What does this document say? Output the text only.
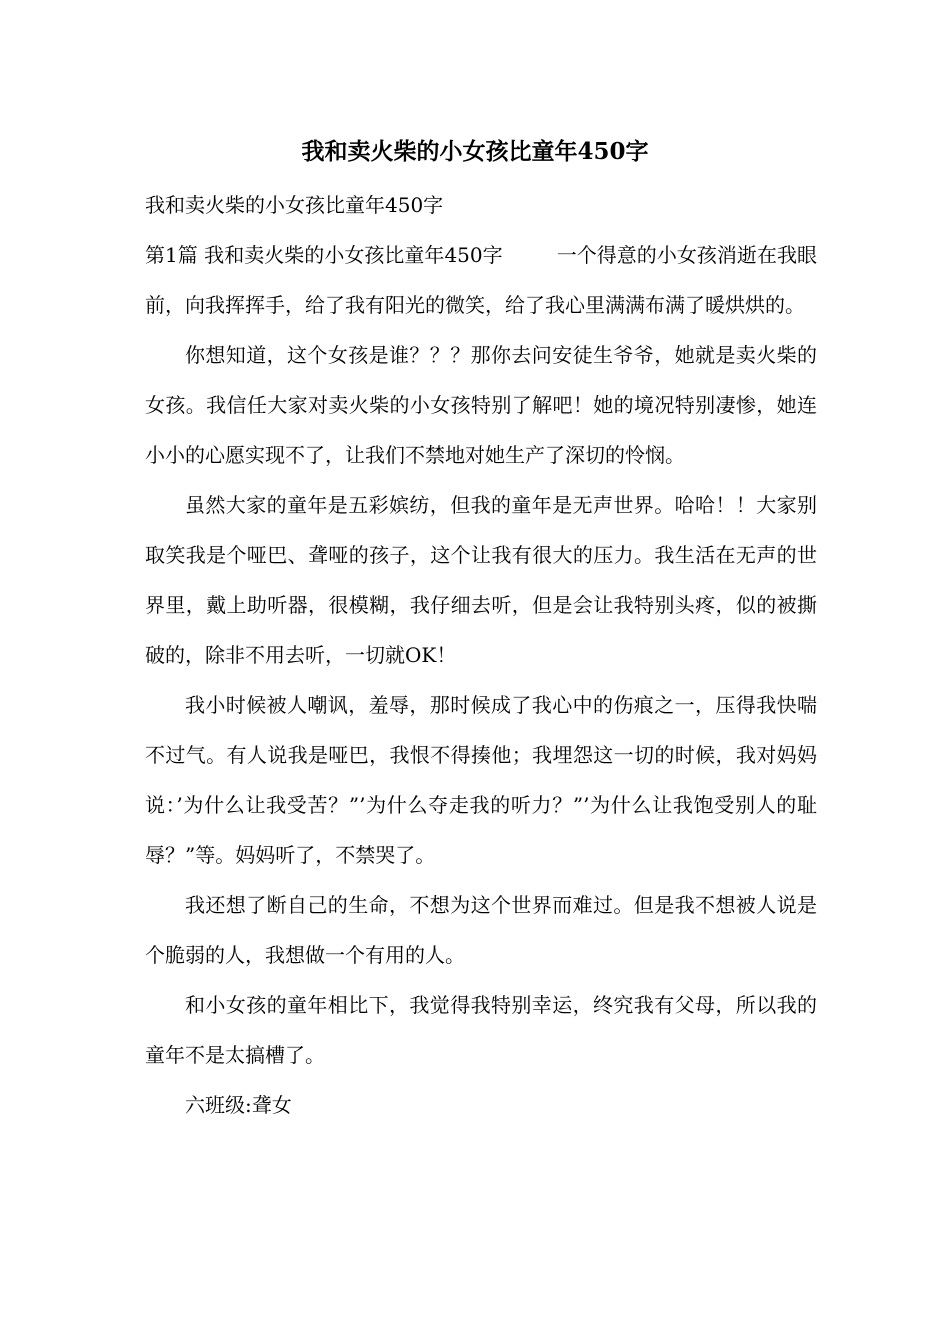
我和卖火柴的小女孩比童年450字

我和卖火柴的小女孩比童年450字

第1篇 我和卖火柴的小女孩比童年450字	一个得意的小女孩消逝在我眼前，向我挥挥手，给了我有阳光的微笑，给了我心里满满布满了暖烘烘的。

你想知道，这个女孩是谁？？？那你去问安徒生爷爷，她就是卖火柴的女孩。我信任大家对卖火柴的小女孩特别了解吧！她的境况特别凄惨，她连小小的心愿实现不了，让我们不禁地对她生产了深切的怜悯。

虽然大家的童年是五彩嫔纺，但我的童年是无声世界。哈哈！！大家别取笑我是个哑巴、聋哑的孩子，这个让我有很大的压力。我生活在无声的世界里，戴上助听器，很模糊，我仔细去听，但是会让我特别头疼，似的被撕破的，除非不用去听，一切就OK！

我小时候被人嘲讽，羞辱，那时候成了我心中的伤痕之一，压得我快喘不过气。有人说我是哑巴，我恨不得揍他；我埋怨这一切的时候，我对妈妈说：’为什么让我受苦？”’为什么夺走我的听力？”’为什么让我饱受别人的耻辱？”等。妈妈听了，不禁哭了。

我还想了断自己的生命，不想为这个世界而难过。但是我不想被人说是个脆弱的人，我想做一个有用的人。

和小女孩的童年相比下，我觉得我特别幸运，终究我有父母，所以我的童年不是太搞槽了。

六班级:聋女
